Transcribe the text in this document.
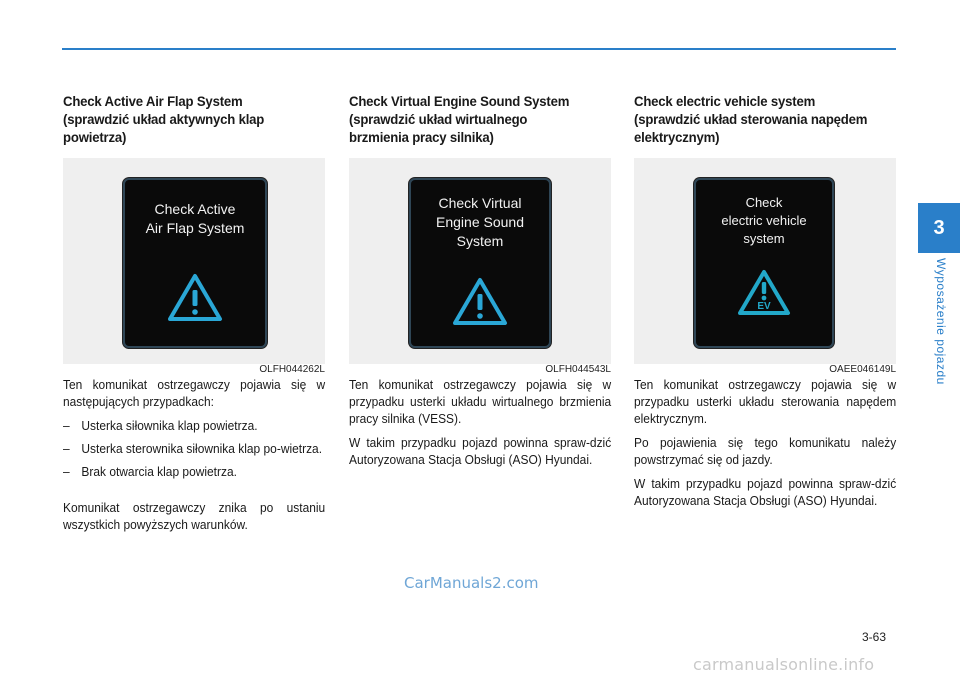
Check Active Air Flap System
(sprawdzić układ aktywnych klap
powietrza)
Check Active
Air Flap System
OLFH044262L

Ten komunikat ostrzegawczy pojawia się w następujących przypadkach:

– Usterka siłownika klap powietrza.
– Usterka sterownika siłownika klap po-wietrza.
– Brak otwarcia klap powietrza.

Komunikat ostrzegawczy znika po ustaniu wszystkich powyższych warunków.

Check Virtual Engine Sound System
(sprawdzić układ wirtualnego
brzmienia pracy silnika)
Check Virtual
Engine Sound
System
OLFH044543L

Ten komunikat ostrzegawczy pojawia się w przypadku usterki układu wirtualnego brzmienia pracy silnika (VESS).

W takim przypadku pojazd powinna spraw-dzić Autoryzowana Stacja Obsługi (ASO) Hyundai.

Check electric vehicle system
(sprawdzić układ sterowania napędem
elektrycznym)
Check
electric vehicle
system
EV
OAEE046149L

Ten komunikat ostrzegawczy pojawia się w przypadku usterki układu sterowania napędem elektrycznym.

Po pojawienia się tego komunikatu należy powstrzymać się od jazdy.

W takim przypadku pojazd powinna spraw-dzić Autoryzowana Stacja Obsługi (ASO) Hyundai.

3
Wyposażenie pojazdu
CarManuals2.com
3-63
carmanualsonline.info
